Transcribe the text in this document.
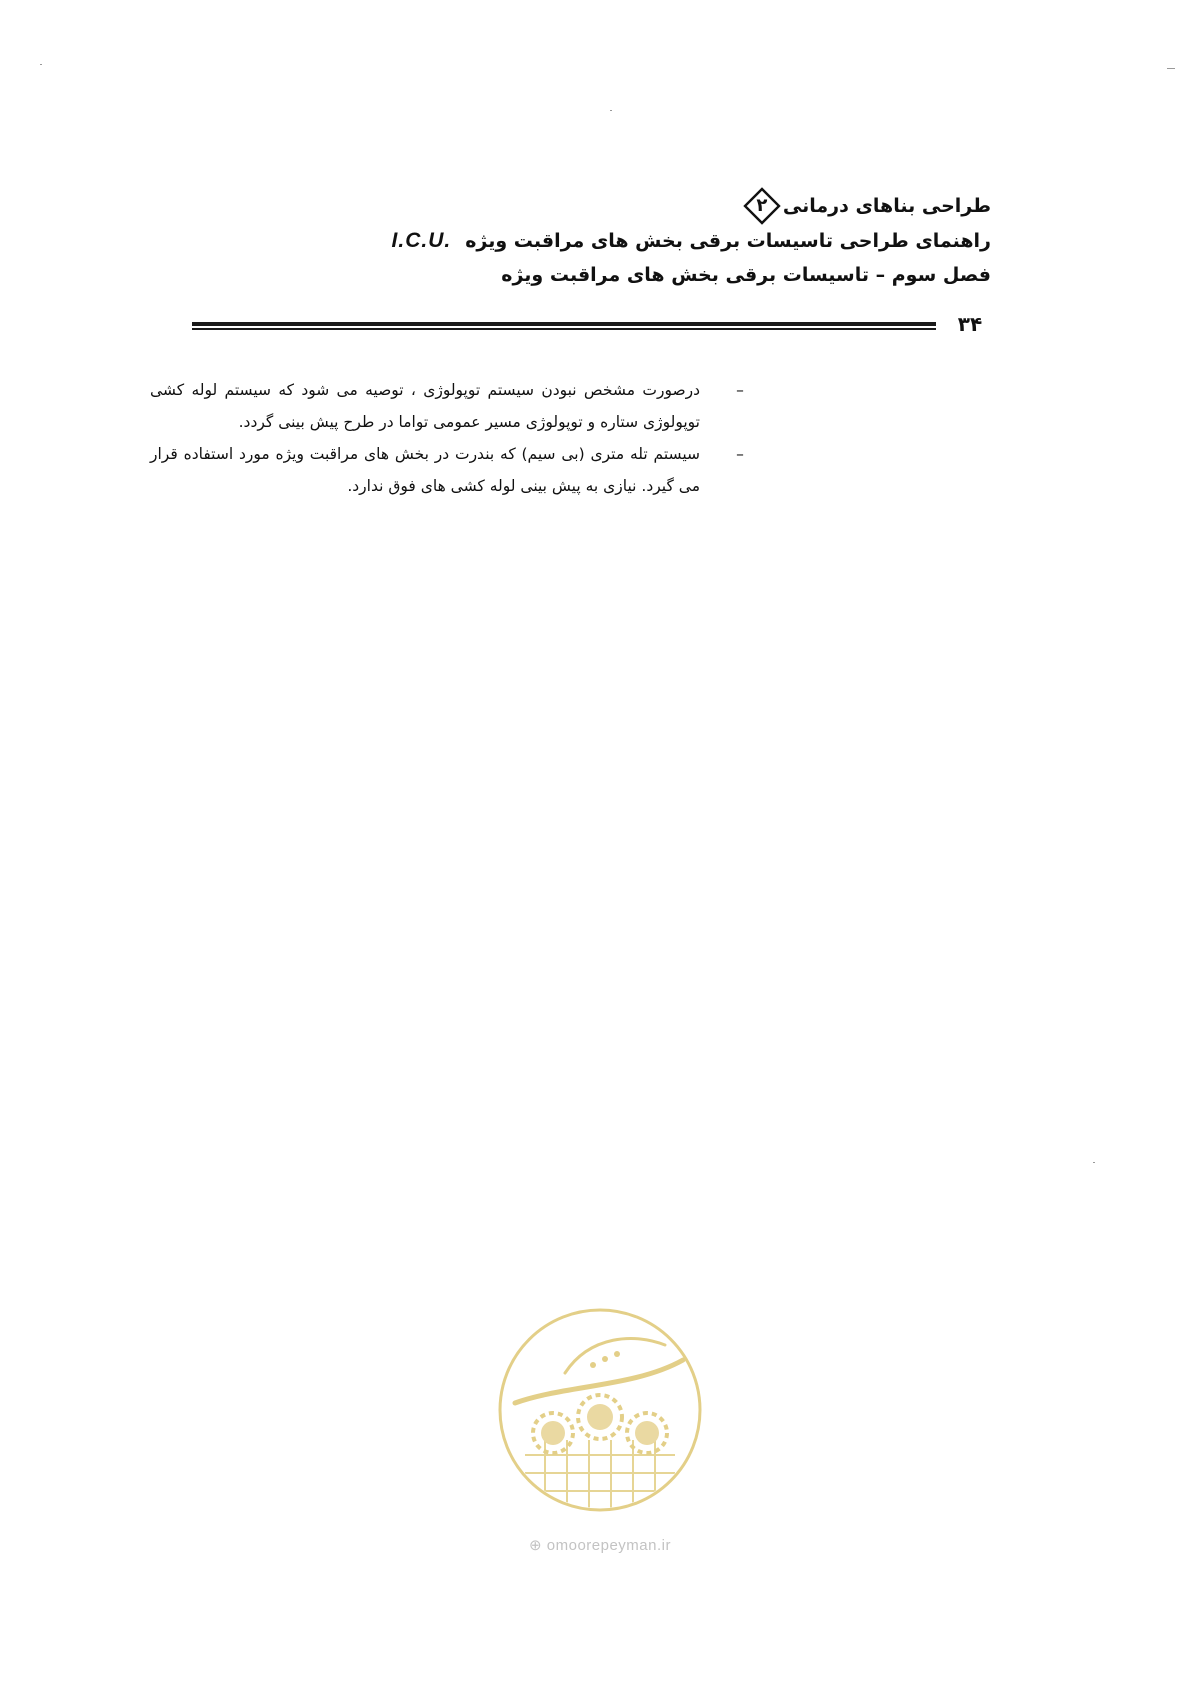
طراحی بناهای درمانی
۲
راهنمای طراحی تاسیسات برقی بخش های مراقبت ویژه
I.C.U.
فصل سوم – تاسیسات برقی بخش های مراقبت ویژه
۳۴
–
درصورت مشخص نبودن سیستم توپولوژی ، توصیه می شود که سیستم لوله کشی توپولوژی ستاره و توپولوژی مسیر عمومی تواما در طرح پیش بینی گردد.
–
سیستم تله متری (بی سیم) که بندرت در بخش های مراقبت ویژه مورد استفاده قرار می گیرد. نیازی به پیش بینی لوله کشی های فوق ندارد.
⊕ omoorepeyman.ir
